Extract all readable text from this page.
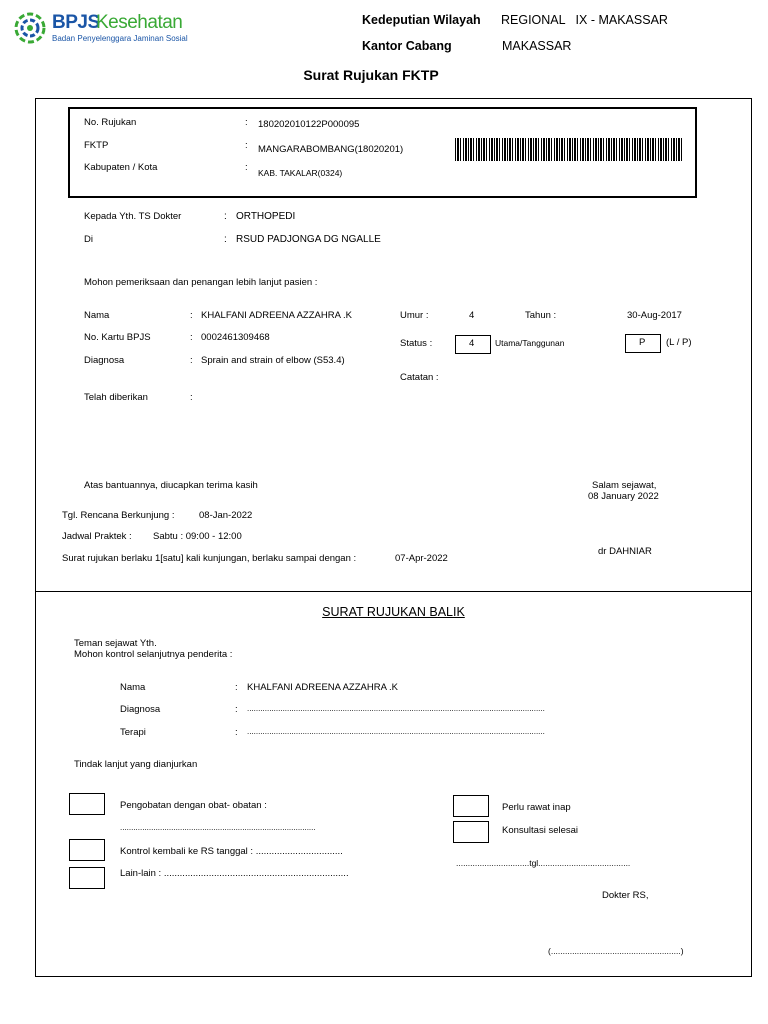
BPJS
Kesehatan
Badan Penyelenggara Jaminan Sosial
Kedeputian Wilayah REGIONAL   IX - MAKASSAR
Kantor Cabang	MAKASSAR
Surat Rujukan FKTP
No. Rujukan	: 180202010122P000095
FKTP	: MANGARABOMBANG(18020201)
Kabupaten / Kota	: KAB. TAKALAR(0324)
Kepada Yth. TS Dokter	: ORTHOPEDI
Di	: RSUD PADJONGA DG NGALLE
Mohon pemeriksaan dan penangan lebih lanjut pasien :
Nama	: KHALFANI ADREENA AZZAHRA .K
No. Kartu BPJS	: 0002461309468
Diagnosa	: Sprain and strain of elbow (S53.4)
Telah diberikan	:
Umur :	4	Tahun :	30-Aug-2017
Status :	4 Utama/Tanggunan	P (L / P)
Catatan :
Atas bantuannya, diucapkan terima kasih	Salam sejawat,
08 January 2022
Tgl. Rencana Berkunjung :	08-Jan-2022
Jadwal Praktek : Sabtu : 09:00 - 12:00
Surat rujukan berlaku 1[satu] kali kunjungan, berlaku sampai dengan :	07-Apr-2022
dr DAHNIAR
SURAT RUJUKAN BALIK
Teman sejawat Yth.
Mohon kontrol selanjutnya penderita :
Nama	: KHALFANI ADREENA AZZAHRA .K
Diagnosa	: ......................................................................................................................................
Terapi	: ......................................................................................................................................
Tindak lanjut yang dianjurkan
Pengobatan dengan obat- obatan :
........................................................................................
Kontrol kembali ke RS tanggal : .................................
Lain-lain : ......................................................................
Perlu rawat inap
Konsultasi selesai
...............................tgl.......................................
Dokter RS,
(.......................................................)
